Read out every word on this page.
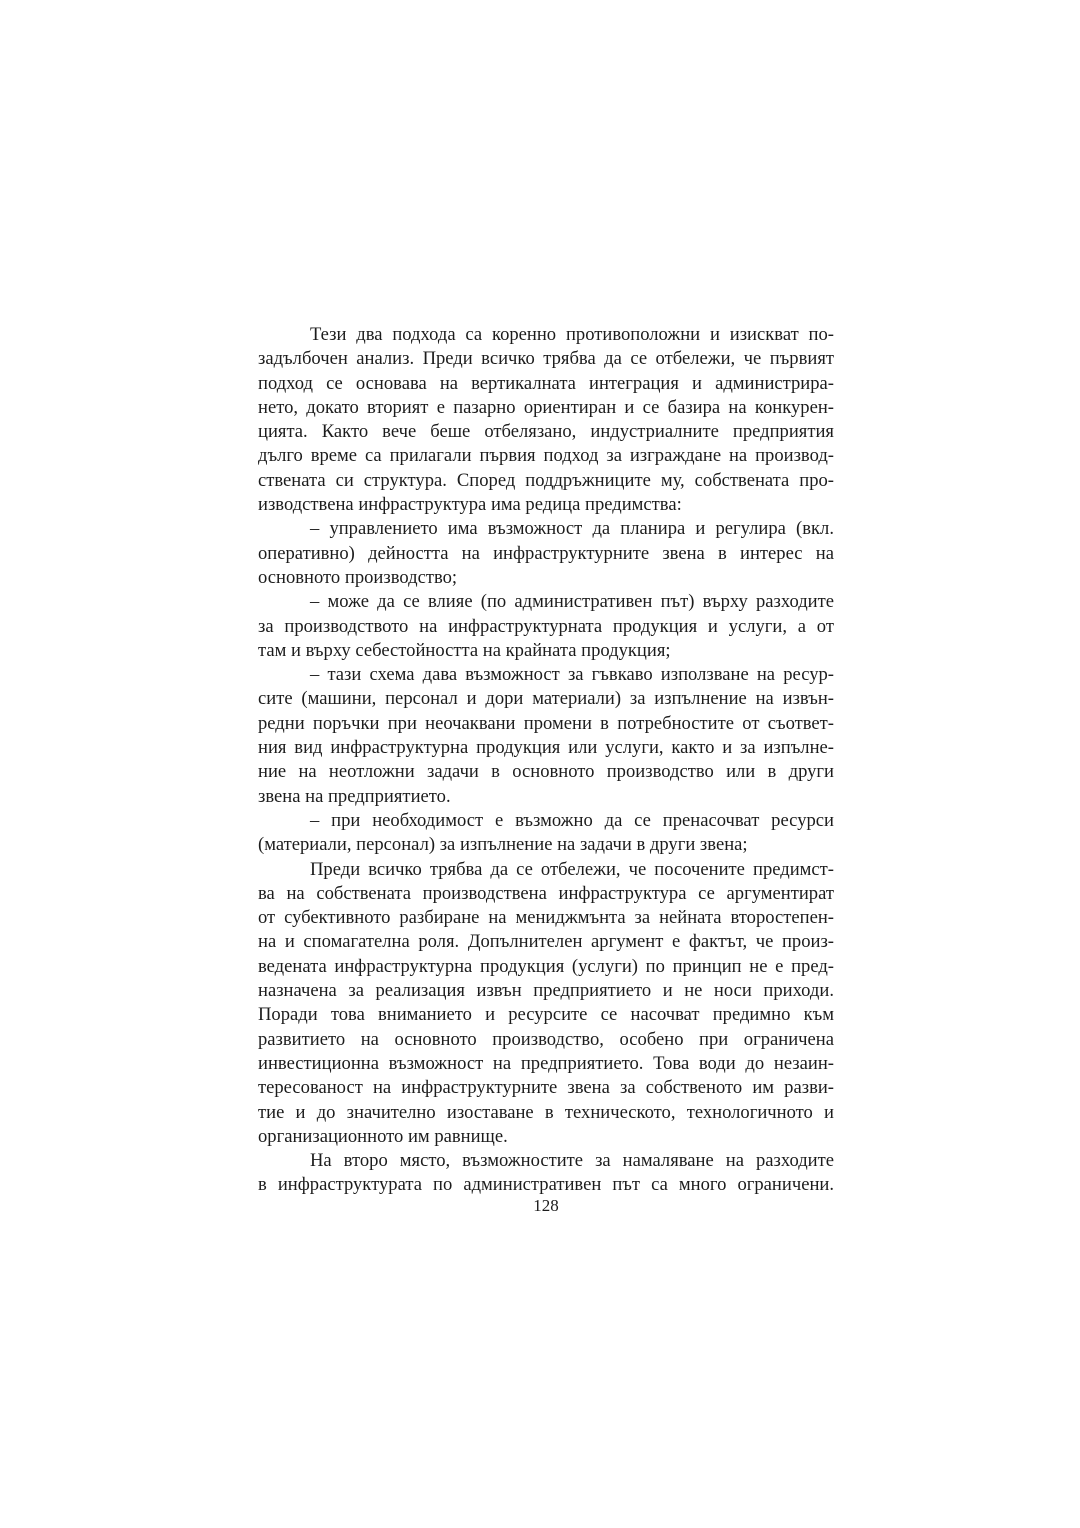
Тези два подхода са коренно противоположни и изискват по-
задълбочен анализ. Преди всичко трябва да се отбележи, че първият
подход се основава на вертикалната интеграция и администрира-
нето, докато вторият е пазарно ориентиран и се базира на конкурен-
цията. Както вече беше отбелязано, индустриалните предприятия
дълго време са прилагали първия подход за изграждане на производ-
ствената си структура. Според поддръжниците му, собствената про-
изводствена инфраструктура има редица предимства:
– управлението има възможност да планира и регулира (вкл.
оперативно) дейността на инфраструктурните звена в интерес на
основното производство;
– може да се влияе (по административен път) върху разходите
за производството на инфраструктурната продукция и услуги, а от
там и върху себестойността на крайната продукция;
– тази схема дава възможност за гъвкаво използване на ресур-
сите (машини, персонал и дори материали) за изпълнение на извън-
редни поръчки при неочаквани промени в потребностите от съответ-
ния вид инфраструктурна продукция или услуги, както и за изпълне-
ние на неотложни задачи в основното производство или в други
звена на предприятието.
– при необходимост е възможно да се пренасочват ресурси
(материали, персонал) за изпълнение на задачи в други звена;
Преди всичко трябва да се отбележи, че посочените предимст-
ва на собствената производствена инфраструктура се аргументират
от субективното разбиране на мениджмънта за нейната второстепен-
на и спомагателна роля. Допълнителен аргумент е фактът, че произ-
ведената инфраструктурна продукция (услуги) по принцип не е пред-
назначена за реализация извън предприятието и не носи приходи.
Поради това вниманието и ресурсите се насочват предимно към
развитието на основното производство, особено при ограничена
инвестиционна възможност на предприятието. Това води до незаин-
тересованост на инфраструктурните звена за собственото им разви-
тие и до значително изоставане в техническото, технологичното и
организационното им равнище.
На второ място, възможностите за намаляване на разходите
в инфраструктурата по административен път са много ограничени.
128
